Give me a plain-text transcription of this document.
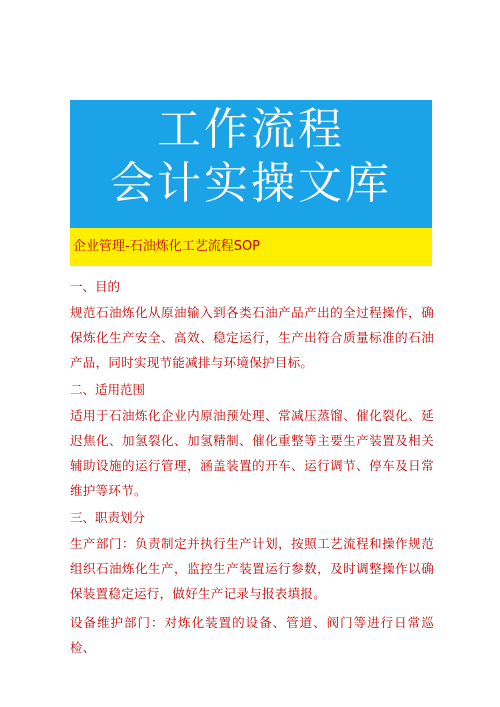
工作流程
会计实操文库
企业管理-石油炼化工艺流程SOP
一、目的

规范石油炼化从原油输入到各类石油产品产出的全过程操作，确保炼化生产安全、高效、稳定运行，生产出符合质量标准的石油产品，同时实现节能减排与环境保护目标。

二、适用范围

适用于石油炼化企业内原油预处理、常减压蒸馏、催化裂化、延迟焦化、加氢裂化、加氢精制、催化重整等主要生产装置及相关辅助设施的运行管理，涵盖装置的开车、运行调节、停车及日常维护等环节。

三、职责划分

生产部门：负责制定并执行生产计划，按照工艺流程和操作规范组织石油炼化生产，监控生产装置运行参数，及时调整操作以确保装置稳定运行，做好生产记录与报表填报。

设备维护部门：对炼化装置的设备、管道、阀门等进行日常巡检、
